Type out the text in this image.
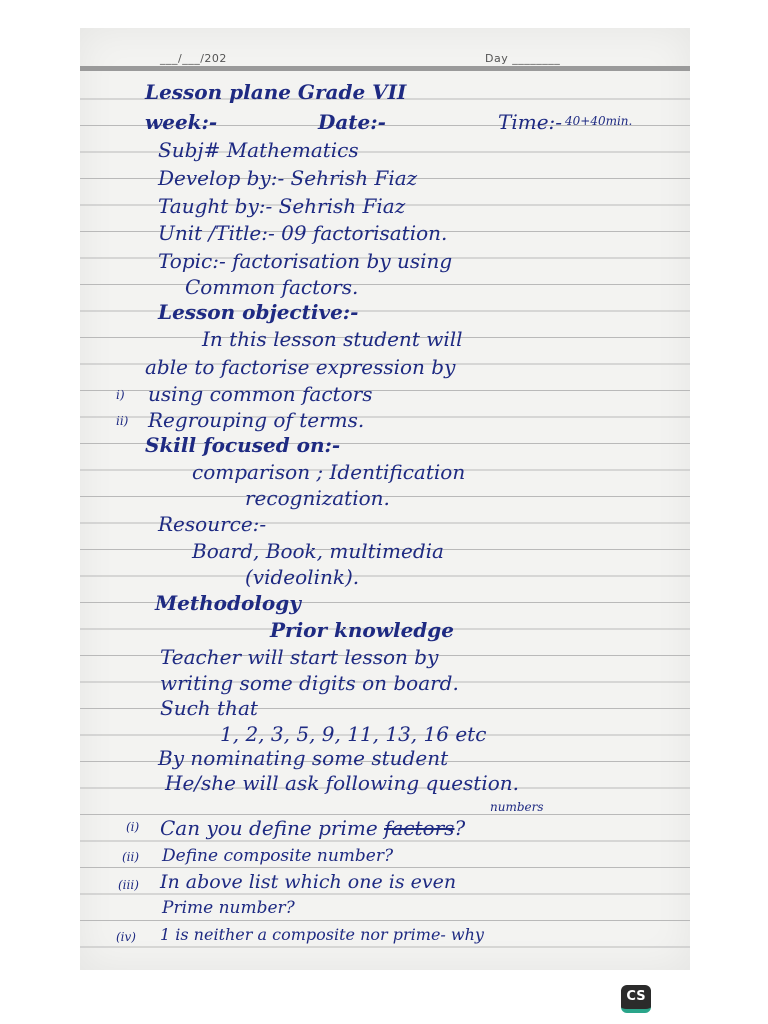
___/___/202	Day ________
Lesson plane Grade VII
week:-	Date:-	Time:- 40+40min.
Subj# Mathematics
Develop by:- Sehrish Fiaz
Taught by:- Sehrish Fiaz
Unit /Title:- 09 factorisation.
Topic:- factorisation by using
Common factors.
Lesson objective:-
In this lesson student will
able to factorise expression by
i) using common factors
ii) Regrouping of terms.
Skill focused on:-
comparison ; Identification
recognization.
Resource:-
Board, Book, multimedia
(videolink).
Methodology
Prior knowledge
Teacher will start lesson by
writing some digits on board.
Such that
1, 2, 3, 5, 9, 11, 13, 16 etc
By nominating some student
He/she will ask following question.
numbers
(i) Can you define prime factors?
(ii) Define composite number?
(iii) In above list which one is even
Prime number?
(iv) 1 is neither a composite nor prime- why
CS
